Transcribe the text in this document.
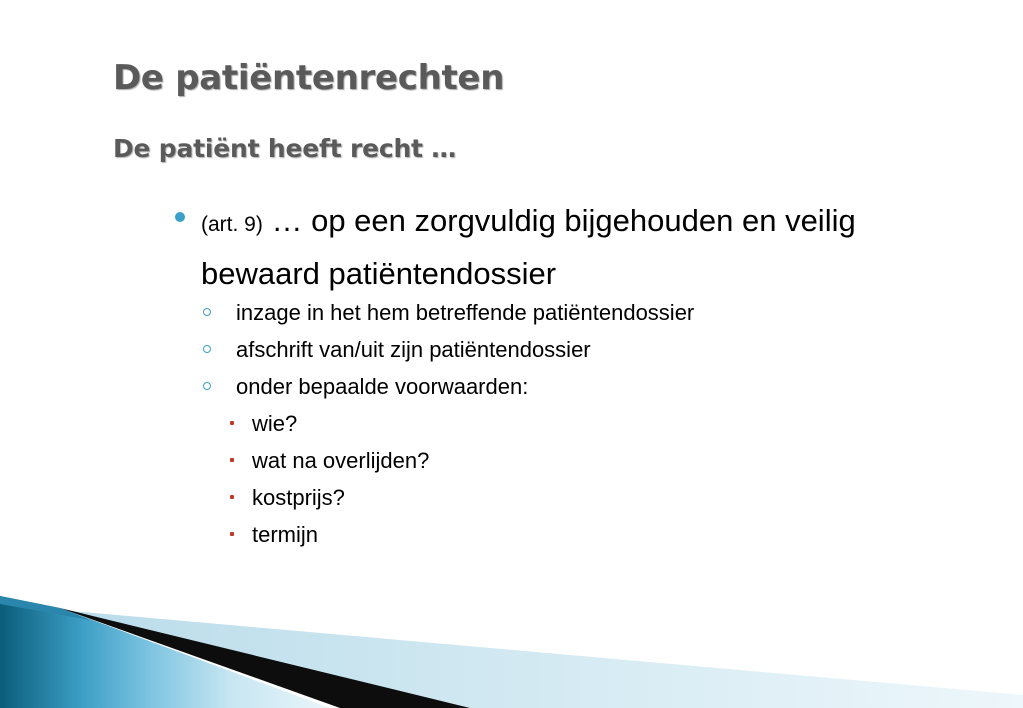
De patiëntenrechten
De patiënt heeft recht …
(art. 9) … op een zorgvuldig bijgehouden en veilig bewaard patiëntendossier
inzage in het hem betreffende patiëntendossier
afschrift van/uit zijn patiëntendossier
onder bepaalde voorwaarden:
wie?
wat na overlijden?
kostprijs?
termijn
